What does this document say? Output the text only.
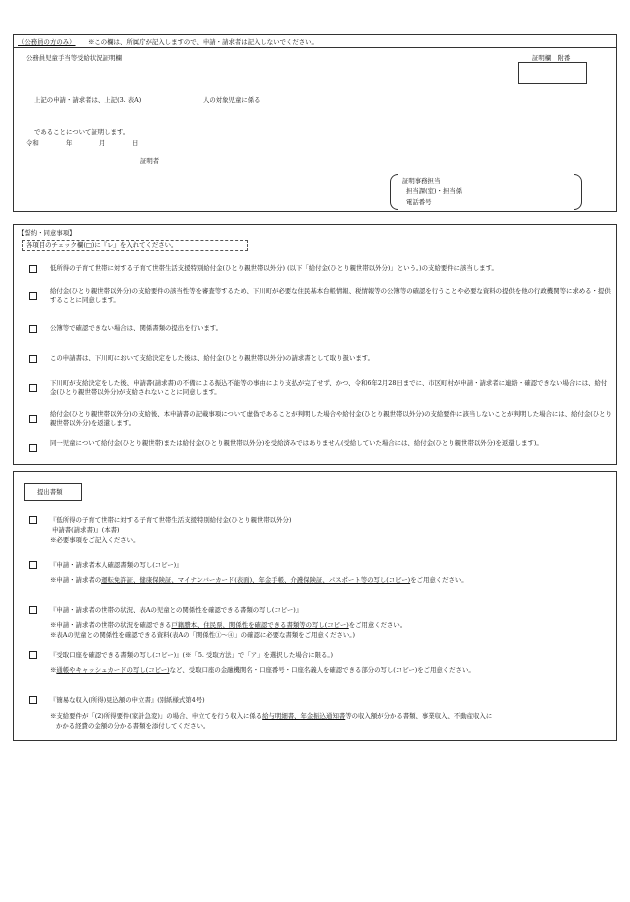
（公務員の方のみ） ※この欄は、所属庁が記入しますので、申請・請求者は記入しないでください。
公務員児童手当等受給状況証明欄	証明欄　附番
上記の申請・請求者は、上記(3. 表A)	人の対象児童に係る
であることについて証明します。
令和	年	月	日
証明者
証明事務担当
担当課(室)・担当係
電話番号
【誓約・同意事項】
各項目のチェック欄(□)に『レ』を入れてください。
低所得の子育て世帯に対する子育て世帯生活支援特別給付金(ひとり親世帯以外分) (以下「給付金(ひとり親世帯以外分)」という。)の支給要件に該当します。
給付金(ひとり親世帯以外分)の支給要件の該当性等を審査等するため、下川町が必要な住民基本台帳情報、税情報等の公簿等の確認を行うことや必要な資料の提供を他の行政機関等に求める・提供することに同意します。
公簿等で確認できない場合は、関係書類の提出を行います。
この申請書は、下川町において支給決定をした後は、給付金(ひとり親世帯以外分)の請求書として取り扱います。
下川町が支給決定をした後、申請書(請求書)の不備による振込不能等の事由により支払が完了せず、かつ、令和6年2月28日までに、市区町村が申請・請求者に連絡・確認できない場合には、給付金(ひとり親世帯以外分)が支給されないことに同意します。
給付金(ひとり親世帯以外分)の支給後、本申請書の記載事項について虚偽であることが判明した場合や給付金(ひとり親世帯以外分)の支給要件に該当しないことが判明した場合には、給付金(ひとり親世帯以外分)を返還します。
同一児童について給付金(ひとり親世帯)または給付金(ひとり親世帯以外分)を受給済みではありません(受給していた場合には、給付金(ひとり親世帯以外分)を返還します)。
提出書類
『低所得の子育て世帯に対する子育て世帯生活支援特別給付金(ひとり親世帯以外分)
申請書(請求書)』(本書)
※必要事項をご記入ください。
『申請・請求者本人確認書類の写し(コピー)』
※申請・請求者の運転免許証、健康保険証、マイナンバーカード(表面)、年金手帳、介護保険証、パスポート等の写し(コピー)をご用意ください。
『申請・請求者の世帯の状況、表Aの児童との関係性を確認できる書類の写し(コピー)』
※申請・請求者の世帯の状況を確認できる戸籍謄本、住民票、関係性を確認できる書類等の写し(コピー)をご用意ください。
※表Aの児童との関係性を確認できる資料(表Aの「関係性①～④」の確認に必要な書類をご用意ください。)
『受取口座を確認できる書類の写し(コピー)』(※「5. 受取方法」で「ア」を選択した場合に限る。)
※通帳やキャッシュカードの写し(コピー)など、受取口座の金融機関名・口座番号・口座名義人を確認できる部分の写し(コピー)をご用意ください。
『簡易な収入(所得)見込額の申立書』(別紙様式第4号)
※支給要件が「(2)所得要件(家計急変)」の場合、申立てを行う収入に係る給与明細書、年金振込通知書等の収入額が分かる書類、事業収入、不動産収入に
かかる経費の金額の分かる書類を添付してください。
